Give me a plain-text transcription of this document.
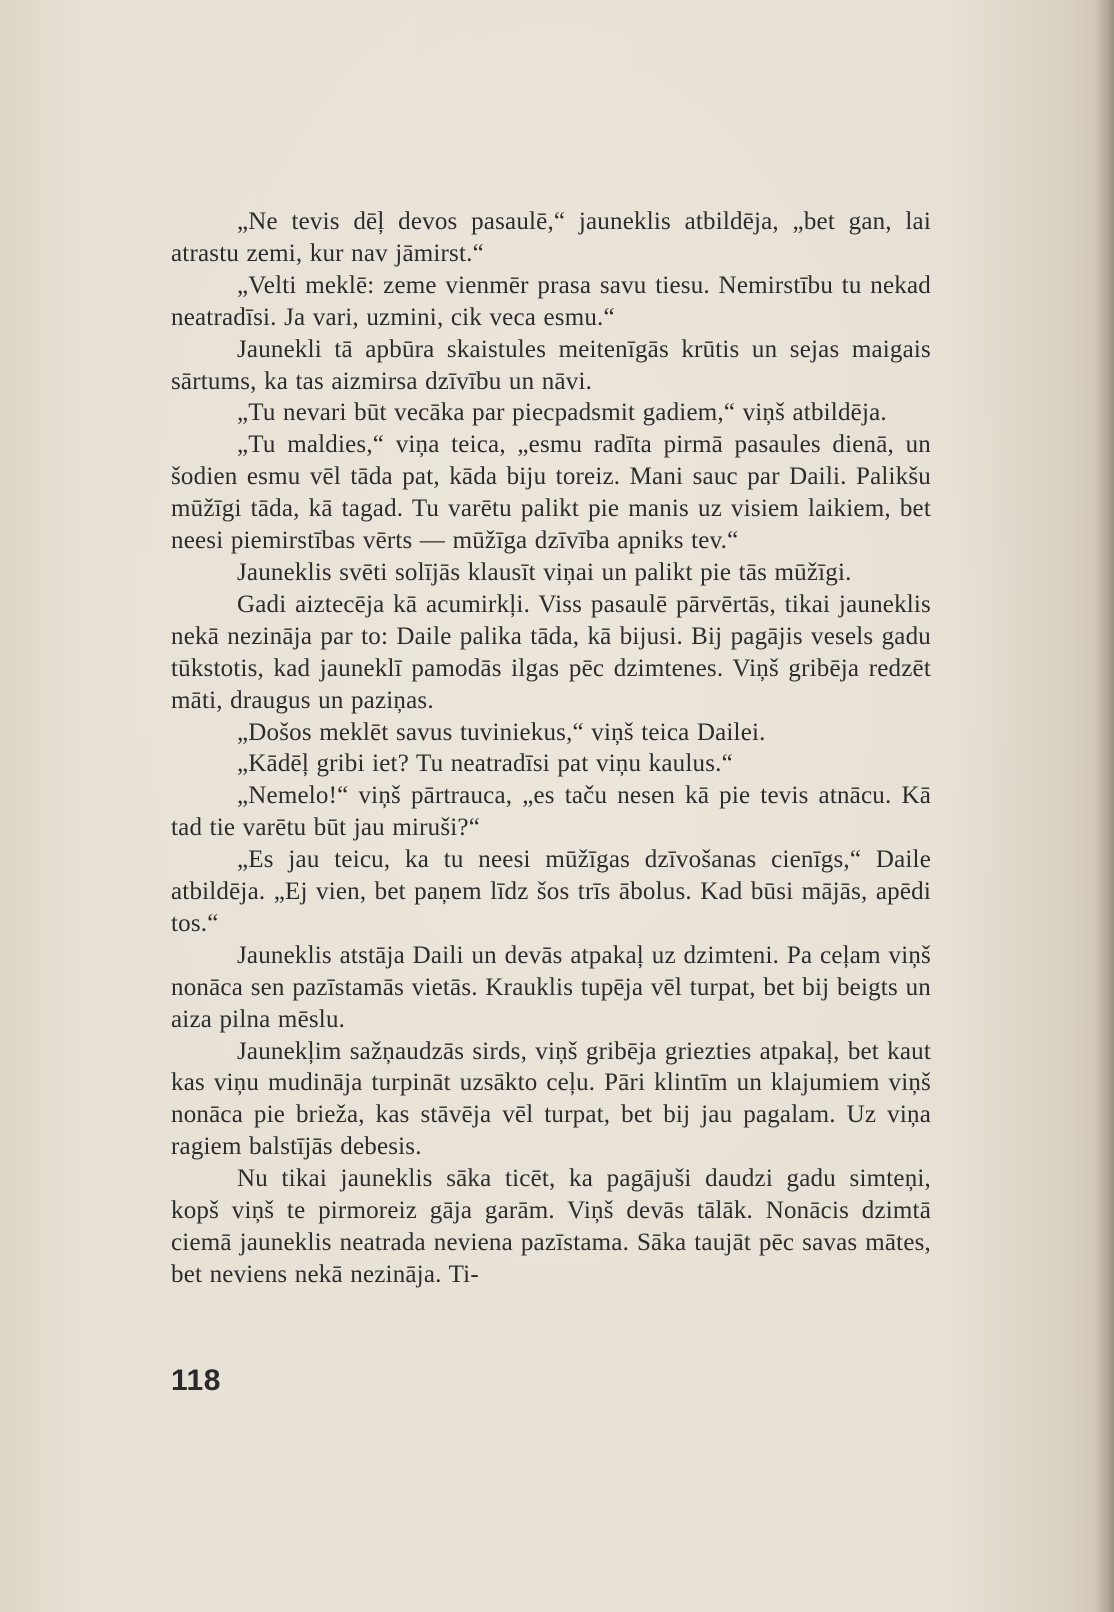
„Ne tevis dēļ devos pasaulē,“ jauneklis atbildēja, „bet gan, lai atrastu zemi, kur nav jāmirst.“

„Velti meklē: zeme vienmēr prasa savu tiesu. Nemirstību tu nekad neatradīsi. Ja vari, uzmini, cik veca esmu.“

Jaunekli tā apbūra skaistules meitenīgās krūtis un sejas maigais sārtums, ka tas aizmirsa dzīvību un nāvi.

„Tu nevari būt vecāka par piecpadsmit gadiem,“ viņš atbildēja.

„Tu maldies,“ viņa teica, „esmu radīta pirmā pasaules dienā, un šodien esmu vēl tāda pat, kāda biju toreiz. Mani sauc par Daili. Palikšu mūžīgi tāda, kā tagad. Tu varētu palikt pie manis uz visiem laikiem, bet neesi piemirstības vērts — mūžīga dzīvība apniks tev.“

Jauneklis svēti solījās klausīt viņai un palikt pie tās mūžīgi.

Gadi aiztecēja kā acumirkļi. Viss pasaulē pārvērtās, tikai jauneklis nekā nezināja par to: Daile palika tāda, kā bijusi. Bij pagājis vesels gadu tūkstotis, kad jauneklī pamodās ilgas pēc dzimtenes. Viņš gribēja redzēt māti, draugus un paziņas.

„Došos meklēt savus tuviniekus,“ viņš teica Dailei.

„Kādēļ gribi iet? Tu neatradīsi pat viņu kaulus.“

„Nemelo!“ viņš pārtrauca, „es taču nesen kā pie tevis atnācu. Kā tad tie varētu būt jau miruši?“

„Es jau teicu, ka tu neesi mūžīgas dzīvošanas cienīgs,“ Daile atbildēja. „Ej vien, bet paņem līdz šos trīs ābolus. Kad būsi mājās, apēdi tos.“

Jauneklis atstāja Daili un devās atpakaļ uz dzimteni. Pa ceļam viņš nonāca sen pazīstamās vietās. Krauklis tupēja vēl turpat, bet bij beigts un aiza pilna mēslu.

Jaunekļim sažņaudzās sirds, viņš gribēja griezties atpakaļ, bet kaut kas viņu mudināja turpināt uzsākto ceļu. Pāri klintīm un klajumiem viņš nonāca pie brieža, kas stāvēja vēl turpat, bet bij jau pagalam. Uz viņa ragiem balstījās debesis.

Nu tikai jauneklis sāka ticēt, ka pagājuši daudzi gadu simteņi, kopš viņš te pirmoreiz gāja garām. Viņš devās tālāk. Nonācis dzimtā ciemā jauneklis neatrada neviena pazīstama. Sāka taujāt pēc savas mātes, bet neviens nekā nezināja. Ti-

118
